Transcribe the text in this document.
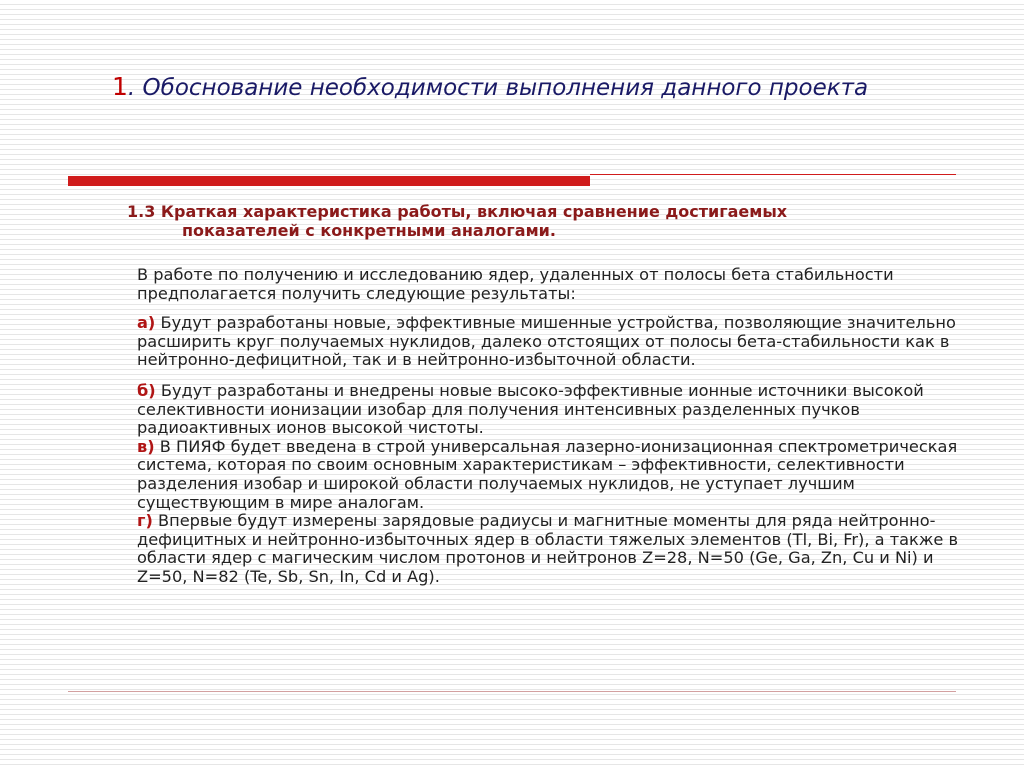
1. Обоснование необходимости выполнения данного проекта
1.3 Краткая характеристика работы, включая сравнение достигаемых
показателей с конкретными аналогами.

В работе по получению и исследованию ядер, удаленных от полосы бета стабильности предполагается получить следующие результаты:

а) Будут разработаны новые, эффективные мишенные устройства, позволяющие значительно расширить круг получаемых нуклидов, далеко отстоящих от полосы бета-стабильности как в нейтронно-дефицитной, так и в нейтронно-избыточной области.

б) Будут разработаны и внедрены новые высоко-эффективные ионные источники высокой селективности ионизации изобар для получения интенсивных разделенных пучков радиоактивных ионов высокой чистоты.

в) В ПИЯФ будет введена в строй универсальная лазерно-ионизационная спектрометрическая система, которая по своим основным характеристикам – эффективности, селективности разделения изобар и широкой области получаемых нуклидов, не уступает лучшим существующим в мире аналогам.

г) Впервые будут измерены зарядовые радиусы и магнитные моменты для ряда нейтронно-дефицитных и нейтронно-избыточных ядер в области тяжелых элементов (Tl, Bi, Fr), а также в области ядер с магическим числом протонов и нейтронов Z=28, N=50 (Ge, Ga, Zn, Cu и Ni) и Z=50, N=82 (Te, Sb, Sn, In, Cd и Ag).
